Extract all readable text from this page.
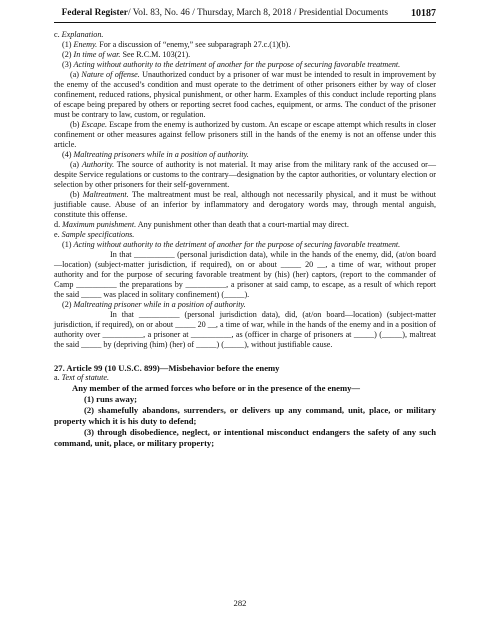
Federal Register/ Vol. 83, No. 46 / Thursday, March 8, 2018 / Presidential Documents 10187

c. Explanation.

(1) Enemy. For a discussion of “enemy,” see subparagraph 27.c.(1)(b).

(2) In time of war. See R.C.M. 103(21).

(3) Acting without authority to the detriment of another for the purpose of securing favorable treatment.

(a) Nature of offense. Unauthorized conduct by a prisoner of war must be intended to result in improvement by the enemy of the accused’s condition and must operate to the detriment of other prisoners either by way of closer confinement, reduced rations, physical punishment, or other harm. Examples of this conduct include reporting plans of escape being prepared by others or reporting secret food caches, equipment, or arms. The conduct of the prisoner must be contrary to law, custom, or regulation.

(b) Escape. Escape from the enemy is authorized by custom. An escape or escape attempt which results in closer confinement or other measures against fellow prisoners still in the hands of the enemy is not an offense under this article.

(4) Maltreating prisoners while in a position of authority.

(a) Authority. The source of authority is not material. It may arise from the military rank of the accused or—despite Service regulations or customs to the contrary—designation by the captor authorities, or voluntary election or selection by other prisoners for their self-government.

(b) Maltreatment. The maltreatment must be real, although not necessarily physical, and it must be without justifiable cause. Abuse of an inferior by inflammatory and derogatory words may, through mental anguish, constitute this offense.

d. Maximum punishment. Any punishment other than death that a court-martial may direct.

e. Sample specifications.

(1) Acting without authority to the detriment of another for the purpose of securing favorable treatment.

In that __________ (personal jurisdiction data), while in the hands of the enemy, did, (at/on board—location) (subject-matter jurisdiction, if required), on or about _____ 20 __, a time of war, without proper authority and for the purpose of securing favorable treatment by (his) (her) captors, (report to the commander of Camp __________ the preparations by __________, a prisoner at said camp, to escape, as a result of which report the said _____ was placed in solitary confinement) (_____).

(2) Maltreating prisoner while in a position of authority.

In that __________ (personal jurisdiction data), did, (at/on board—location) (subject-matter jurisdiction, if required), on or about _____ 20 __, a time of war, while in the hands of the enemy and in a position of authority over __________, a prisoner at __________, as (officer in charge of prisoners at _____) (_____), maltreat the said _____ by (depriving (him) (her) of _____) (_____), without justifiable cause.

27. Article 99 (10 U.S.C. 899)—Misbehavior before the enemy

a. Text of statute.

Any member of the armed forces who before or in the presence of the enemy—

(1) runs away;

(2) shamefully abandons, surrenders, or delivers up any command, unit, place, or military property which it is his duty to defend;

(3) through disobedience, neglect, or intentional misconduct endangers the safety of any such command, unit, place, or military property;

282
